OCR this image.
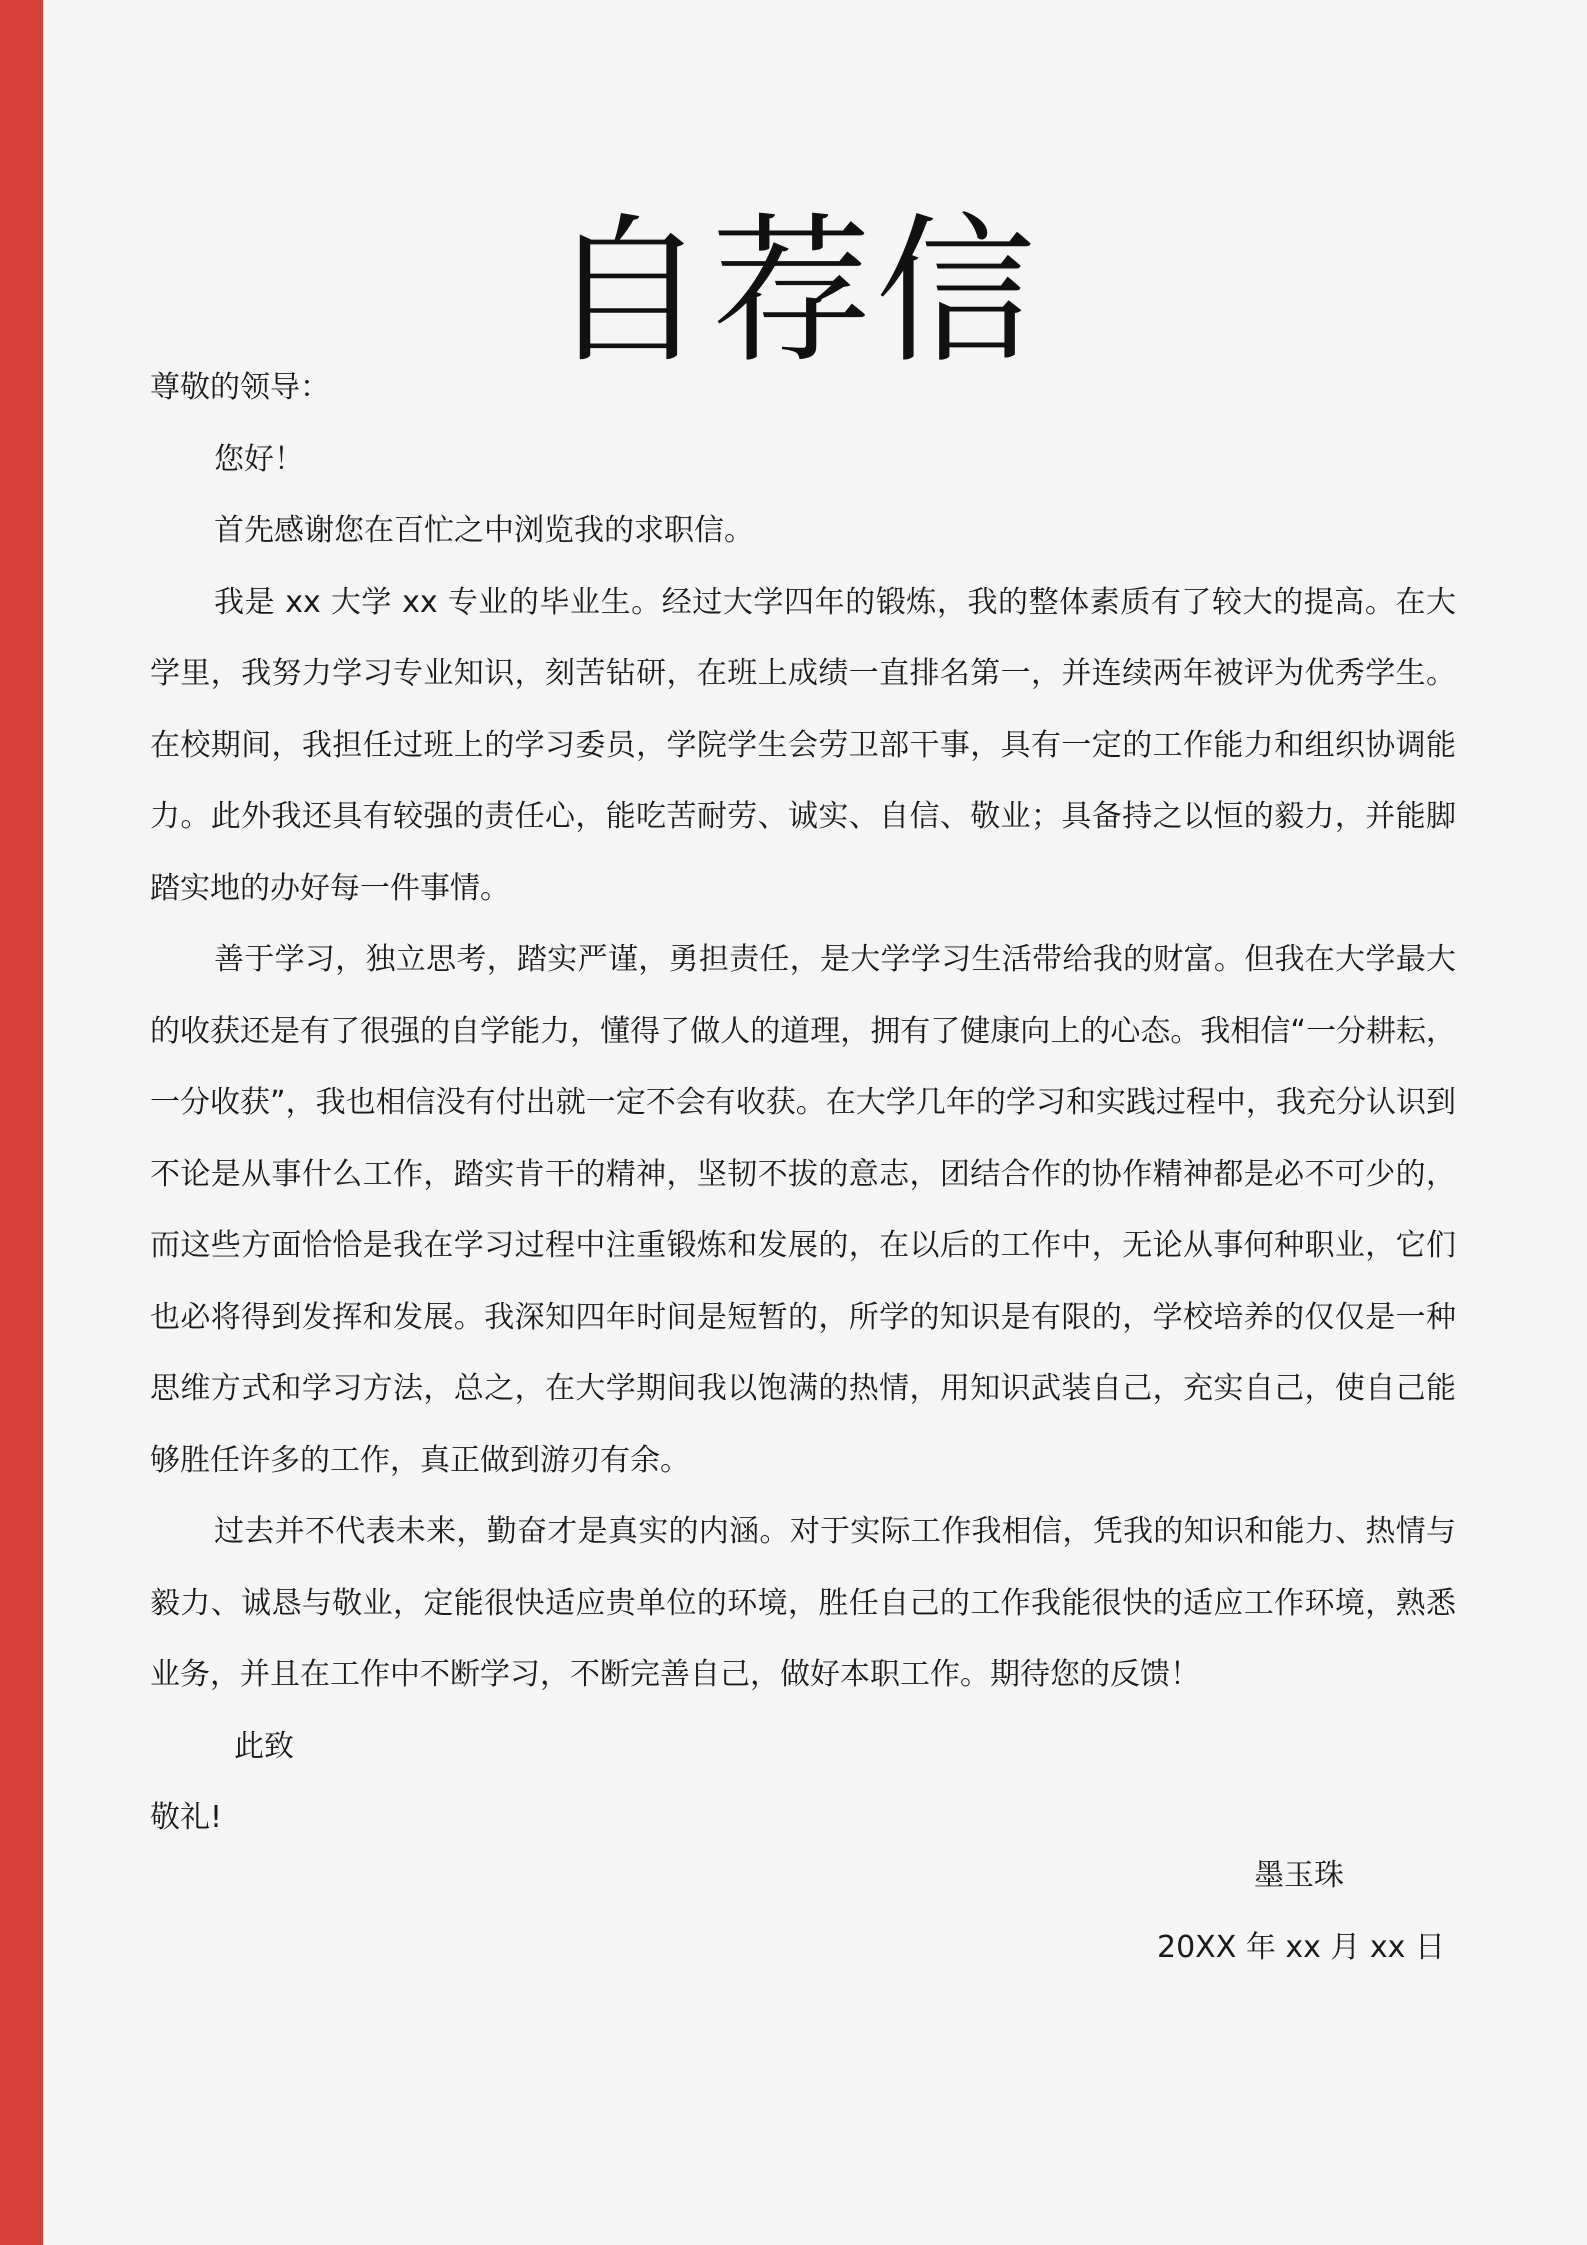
自荐信

尊敬的领导：

您好！

首先感谢您在百忙之中浏览我的求职信。

我是 xx 大学 xx 专业的毕业生。经过大学四年的锻炼，我的整体素质有了较大的提高。在大学里，我努力学习专业知识，刻苦钻研，在班上成绩一直排名第一，并连续两年被评为优秀学生。在校期间，我担任过班上的学习委员，学院学生会劳卫部干事，具有一定的工作能力和组织协调能力。此外我还具有较强的责任心，能吃苦耐劳、诚实、自信、敬业；具备持之以恒的毅力，并能脚踏实地的办好每一件事情。

善于学习，独立思考，踏实严谨，勇担责任，是大学学习生活带给我的财富。但我在大学最大的收获还是有了很强的自学能力，懂得了做人的道理，拥有了健康向上的心态。我相信“一分耕耘，一分收获”，我也相信没有付出就一定不会有收获。在大学几年的学习和实践过程中，我充分认识到不论是从事什么工作，踏实肯干的精神，坚韧不拔的意志，团结合作的协作精神都是必不可少的，而这些方面恰恰是我在学习过程中注重锻炼和发展的，在以后的工作中，无论从事何种职业，它们也必将得到发挥和发展。我深知四年时间是短暂的，所学的知识是有限的，学校培养的仅仅是一种思维方式和学习方法，总之，在大学期间我以饱满的热情，用知识武装自己，充实自己，使自己能够胜任许多的工作，真正做到游刃有余。

过去并不代表未来，勤奋才是真实的内涵。对于实际工作我相信，凭我的知识和能力、热情与毅力、诚恳与敬业，定能很快适应贵单位的环境，胜任自己的工作我能很快的适应工作环境，熟悉业务，并且在工作中不断学习，不断完善自己，做好本职工作。期待您的反馈！

此致

敬礼!

墨玉珠
20XX 年 xx 月 xx 日
